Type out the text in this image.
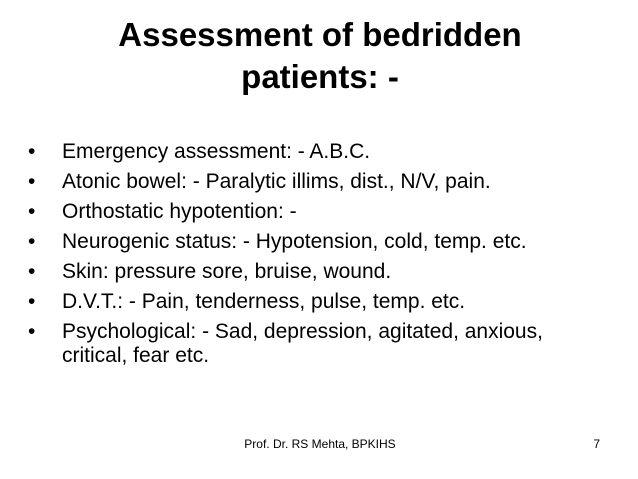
Assessment of bedridden
patients: -
•	Emergency assessment: - A.B.C.
•	Atonic bowel: - Paralytic illims, dist., N/V, pain.
•	Orthostatic hypotention: -
•	Neurogenic status: - Hypotension, cold, temp. etc.
•	Skin: pressure sore, bruise, wound.
•	D.V.T.: - Pain, tenderness, pulse, temp. etc.
•	Psychological: - Sad, depression, agitated, anxious, critical, fear etc.
Prof. Dr. RS Mehta, BPKIHS	7
